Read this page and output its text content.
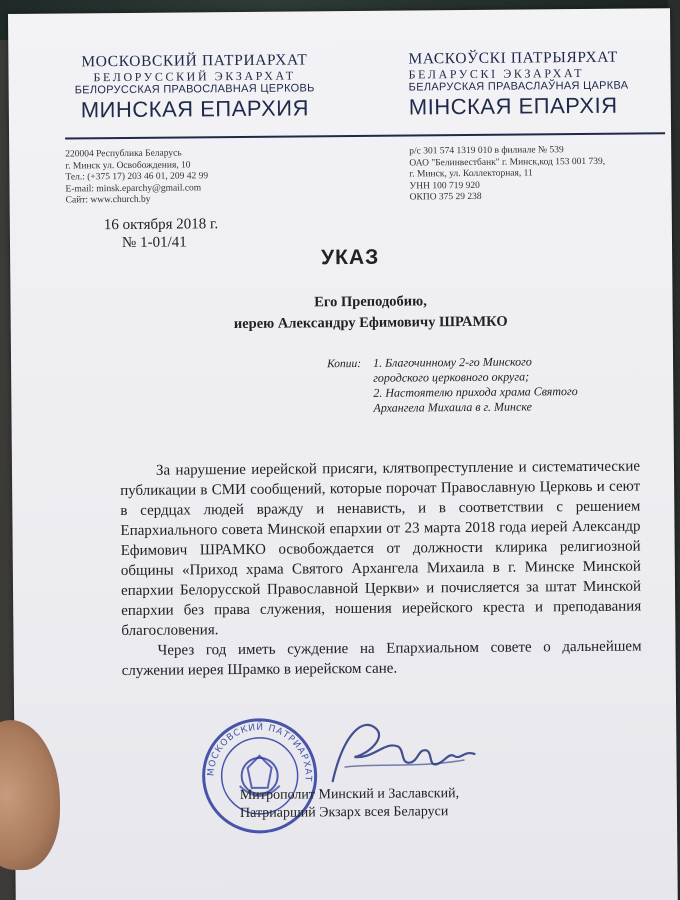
МОСКОВСКИЙ ПАТРИАРХАТ
БЕЛОРУССКИЙ ЭКЗАРХАТ
БЕЛОРУССКАЯ ПРАВОСЛАВНАЯ ЦЕРКОВЬ
МИНСКАЯ ЕПАРХИЯ
МАСКОЎСКІ ПАТРЫЯРХАТ
БЕЛАРУСКІ ЭКЗАРХАТ
БЕЛАРУСКАЯ ПРАВАСЛАЎНАЯ ЦАРКВА
МІНСКАЯ ЕПАРХІЯ
220004 Республика Беларусь
г. Минск ул. Освобождения, 10
Тел.: (+375 17) 203 46 01, 209 42 99
E-mail: minsk.eparchy@gmail.com
Сайт: www.church.by
р/с 301 574 1319 010 в филиале № 539
ОАО "Белинвестбанк" г. Минск,код 153 001 739,
г. Минск, ул. Коллекторная, 11
УНН 100 719 920
ОКПО 375 29 238
16 октября 2018 г.
№ 1-01/41
УКАЗ
Его Преподобию,
иерею Александру Ефимовичу ШРАМКО
Копии: 1. Благочинному 2-го Минского
городского церковного округа;
2. Настоятелю прихода храма Святого
Архангела Михаила в г. Минске

За нарушение иерейской присяги, клятвопреступление и систематические публикации в СМИ сообщений, которые порочат Православную Церковь и сеют в сердцах людей вражду и ненависть, и в соответствии с решением Епархиального совета Минской епархии от 23 марта 2018 года иерей Александр Ефимович ШРАМКО освобождается от должности клирика религиозной общины «Приход храма Святого Архангела Михаила в г. Минске Минской епархии Белорусской Православной Церкви» и почисляется за штат Минской епархии без права служения, ношения иерейского креста и преподавания благословения.

Через год иметь суждение на Епархиальном совете о дальнейшем служении иерея Шрамко в иерейском сане.

МОСКОВСКИЙ ПАТРИАРХАТ
Митрополит Минский и Заславский,
Патриарший Экзарх всея Беларуси
